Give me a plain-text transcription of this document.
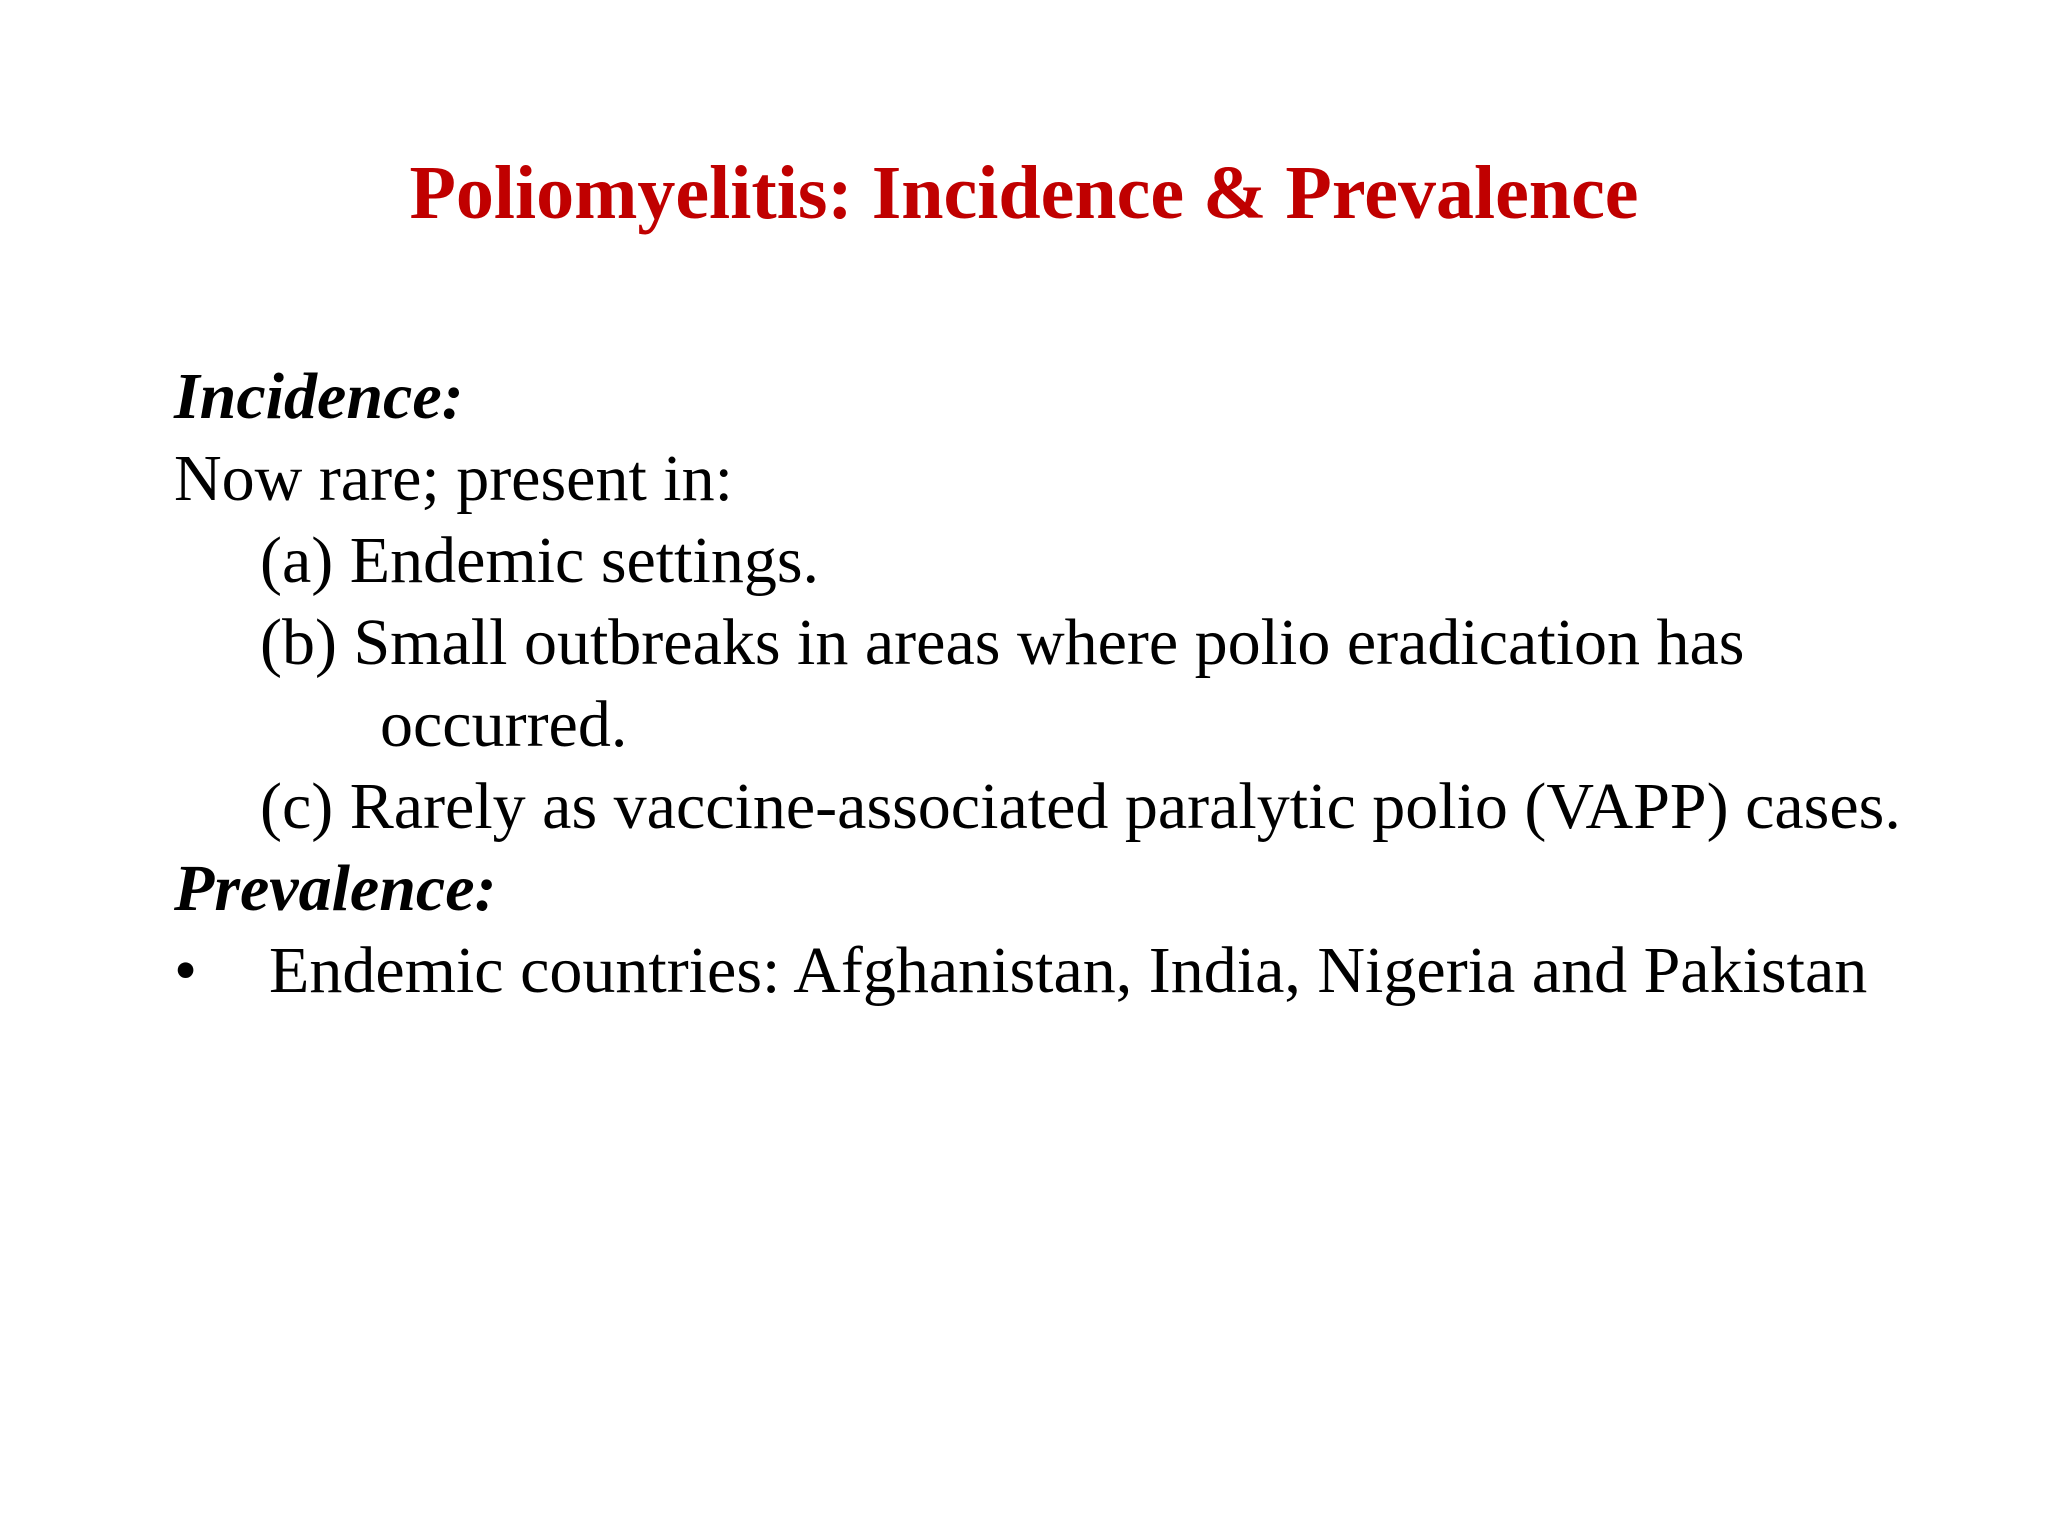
Poliomyelitis: Incidence & Prevalence
Incidence:
Now rare; present in:
(a) Endemic settings.
(b) Small outbreaks in areas where polio eradication has
occurred.
(c) Rarely as vaccine-associated paralytic polio (VAPP) cases.
Prevalence:
•	Endemic countries: Afghanistan, India, Nigeria and Pakistan
